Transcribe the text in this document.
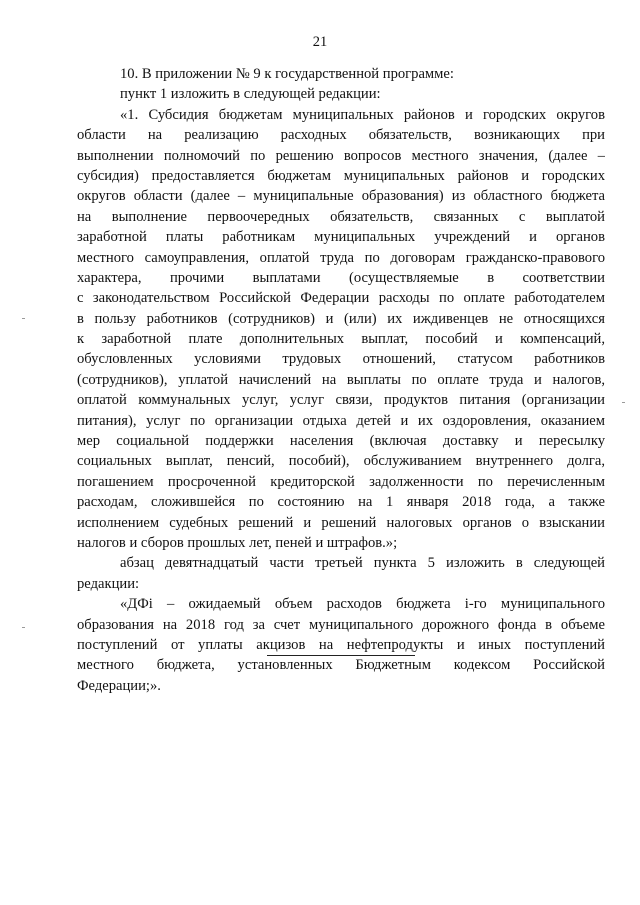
21
10. В приложении № 9 к государственной программе:
пункт 1 изложить в следующей редакции:
«1. Субсидия бюджетам муниципальных районов и городских округов
области на реализацию расходных обязательств, возникающих при
выполнении полномочий по решению вопросов местного значения, (далее –
субсидия) предоставляется бюджетам муниципальных районов и городских
округов области (далее – муниципальные образования) из областного бюджета
на выполнение первоочередных обязательств, связанных с выплатой
заработной платы работникам муниципальных учреждений и органов
местного самоуправления, оплатой труда по договорам гражданско-правового
характера, прочими выплатами (осуществляемые в соответствии
с законодательством Российской Федерации расходы по оплате работодателем
в пользу работников (сотрудников) и (или) их иждивенцев не относящихся
к заработной плате дополнительных выплат, пособий и компенсаций,
обусловленных условиями трудовых отношений, статусом работников
(сотрудников), уплатой начислений на выплаты по оплате труда и налогов,
оплатой коммунальных услуг, услуг связи, продуктов питания (организации
питания), услуг по организации отдыха детей и их оздоровления, оказанием
мер социальной поддержки населения (включая доставку и пересылку
социальных выплат, пенсий, пособий), обслуживанием внутреннего долга,
погашением просроченной кредиторской задолженности по перечисленным
расходам, сложившейся по состоянию на 1 января 2018 года, а также
исполнением судебных решений и решений налоговых органов о взыскании
налогов и сборов прошлых лет, пеней и штрафов.»;
абзац девятнадцатый части третьей пункта 5 изложить в следующей
редакции:
«ДФі – ожидаемый объем расходов бюджета і-го муниципального
образования на 2018 год за счет муниципального дорожного фонда в объеме
поступлений от уплаты акцизов на нефтепродукты и иных поступлений
местного бюджета, установленных Бюджетным кодексом Российской
Федерации;».
